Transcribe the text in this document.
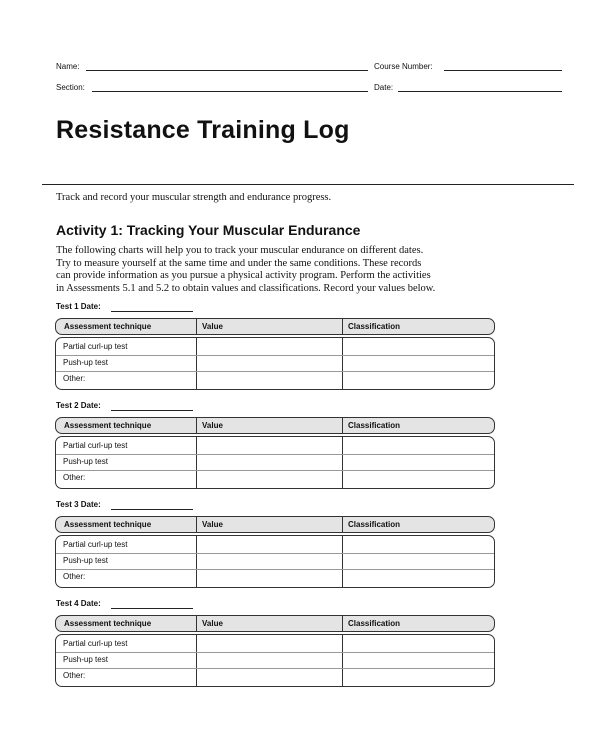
Name:	Course Number:
Section:	Date:
Resistance Training Log
Track and record your muscular strength and endurance progress.
Activity 1: Tracking Your Muscular Endurance
The following charts will help you to track your muscular endurance on different dates.
Try to measure yourself at the same time and under the same conditions. These records
can provide information as you pursue a physical activity program. Perform the activities
in Assessments 5.1 and 5.2 to obtain values and classifications. Record your values below.
Test 1 Date:
Assessment technique	Value	Classification
Partial curl-up test
Push-up test
Other:
Test 2 Date:
Assessment technique	Value	Classification
Partial curl-up test
Push-up test
Other:
Test 3 Date:
Assessment technique	Value	Classification
Partial curl-up test
Push-up test
Other:
Test 4 Date:
Assessment technique	Value	Classification
Partial curl-up test
Push-up test
Other:
